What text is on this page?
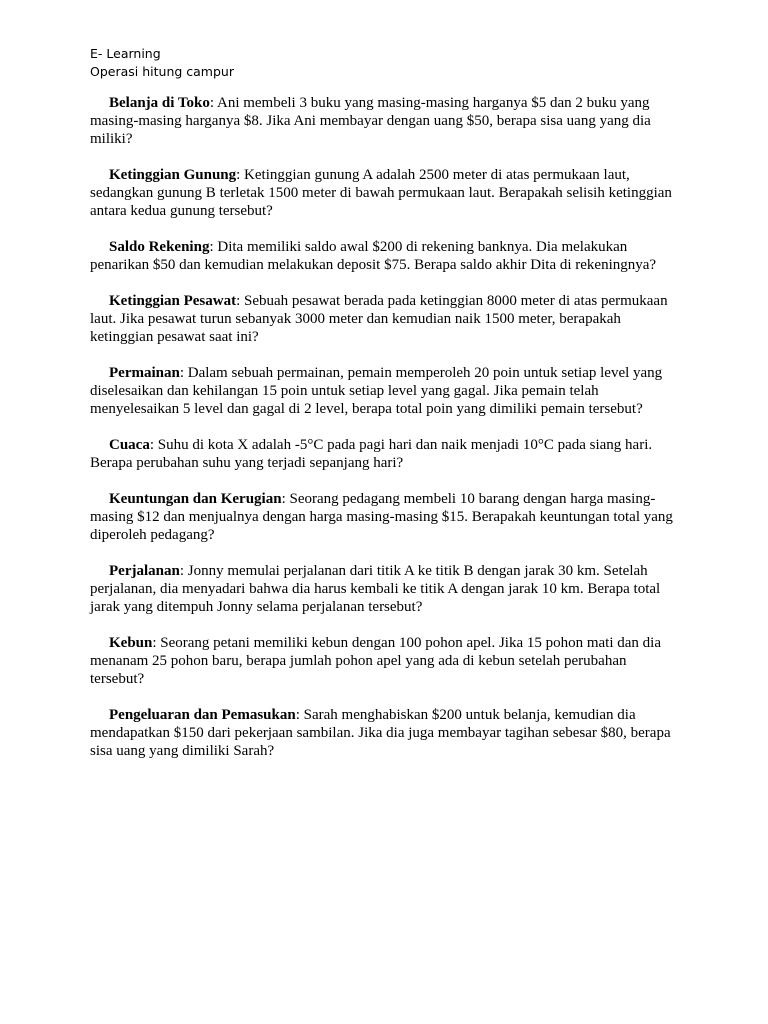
E- Learning
Operasi hitung campur

Belanja di Toko: Ani membeli 3 buku yang masing-masing harganya $5 dan 2 buku yang masing-masing harganya $8. Jika Ani membayar dengan uang $50, berapa sisa uang yang dia miliki?

Ketinggian Gunung: Ketinggian gunung A adalah 2500 meter di atas permukaan laut, sedangkan gunung B terletak 1500 meter di bawah permukaan laut. Berapakah selisih ketinggian antara kedua gunung tersebut?

Saldo Rekening: Dita memiliki saldo awal $200 di rekening banknya. Dia melakukan penarikan $50 dan kemudian melakukan deposit $75. Berapa saldo akhir Dita di rekeningnya?

Ketinggian Pesawat: Sebuah pesawat berada pada ketinggian 8000 meter di atas permukaan laut. Jika pesawat turun sebanyak 3000 meter dan kemudian naik 1500 meter, berapakah ketinggian pesawat saat ini?

Permainan: Dalam sebuah permainan, pemain memperoleh 20 poin untuk setiap level yang diselesaikan dan kehilangan 15 poin untuk setiap level yang gagal. Jika pemain telah menyelesaikan 5 level dan gagal di 2 level, berapa total poin yang dimiliki pemain tersebut?

Cuaca: Suhu di kota X adalah -5°C pada pagi hari dan naik menjadi 10°C pada siang hari. Berapa perubahan suhu yang terjadi sepanjang hari?

Keuntungan dan Kerugian: Seorang pedagang membeli 10 barang dengan harga masing-masing $12 dan menjualnya dengan harga masing-masing $15. Berapakah keuntungan total yang diperoleh pedagang?

Perjalanan: Jonny memulai perjalanan dari titik A ke titik B dengan jarak 30 km. Setelah perjalanan, dia menyadari bahwa dia harus kembali ke titik A dengan jarak 10 km. Berapa total jarak yang ditempuh Jonny selama perjalanan tersebut?

Kebun: Seorang petani memiliki kebun dengan 100 pohon apel. Jika 15 pohon mati dan dia menanam 25 pohon baru, berapa jumlah pohon apel yang ada di kebun setelah perubahan tersebut?

Pengeluaran dan Pemasukan: Sarah menghabiskan $200 untuk belanja, kemudian dia mendapatkan $150 dari pekerjaan sambilan. Jika dia juga membayar tagihan sebesar $80, berapa sisa uang yang dimiliki Sarah?
